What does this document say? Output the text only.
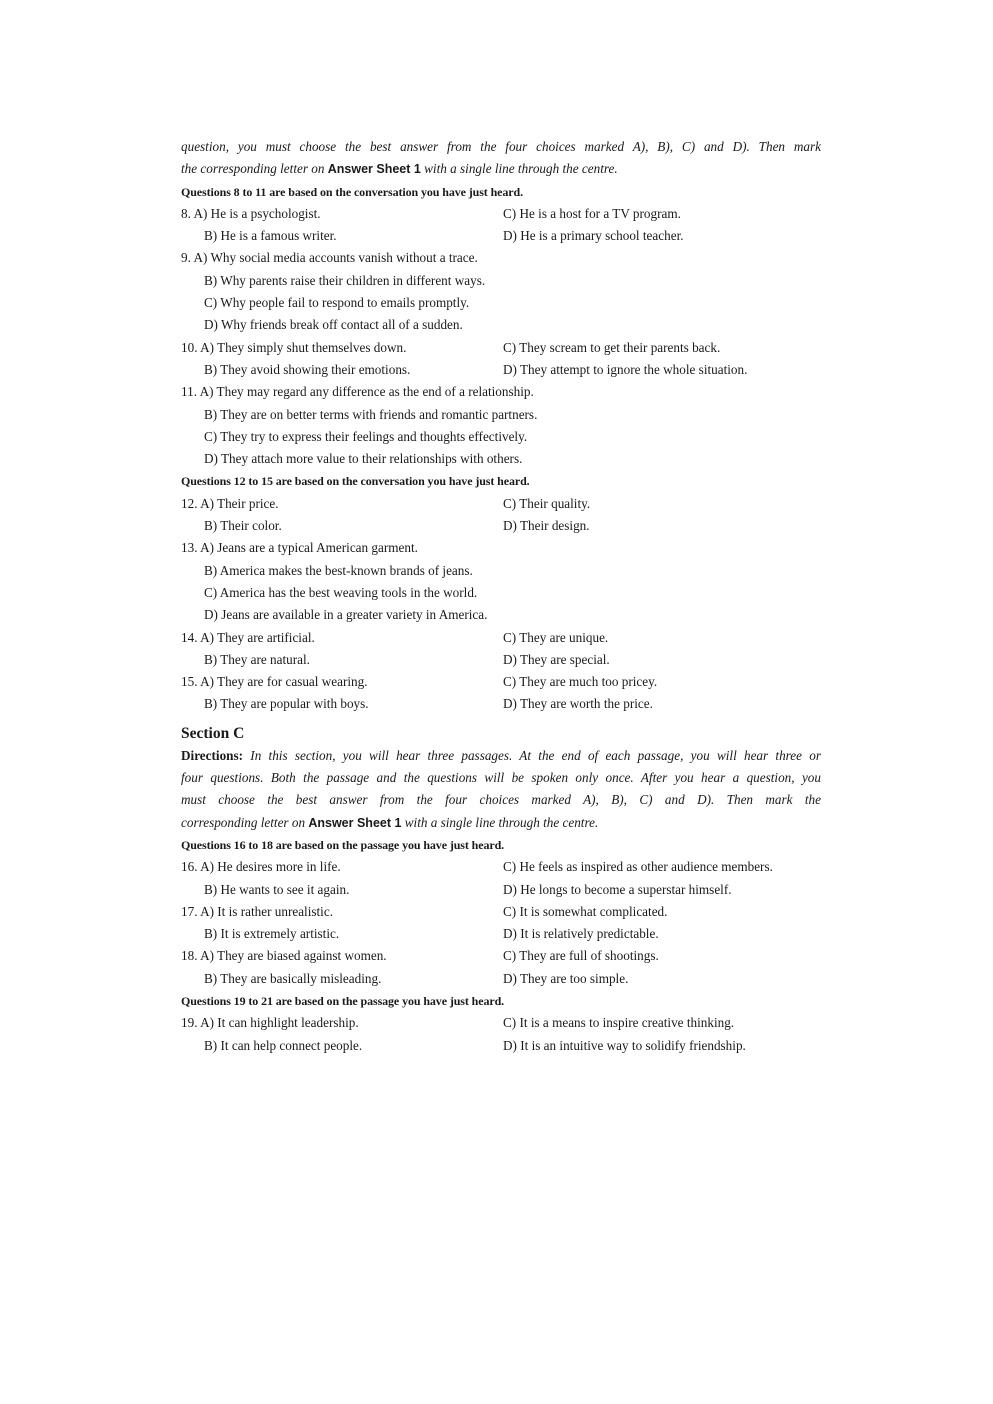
question, you must choose the best answer from the four choices marked A), B), C) and D). Then mark
the corresponding letter on Answer Sheet 1 with a single line through the centre.
Questions 8 to 11 are based on the conversation you have just heard.
8. A) He is a psychologist.	C) He is a host for a TV program.
B) He is a famous writer.	D) He is a primary school teacher.
9. A) Why social media accounts vanish without a trace.
B) Why parents raise their children in different ways.
C) Why people fail to respond to emails promptly.
D) Why friends break off contact all of a sudden.
10. A) They simply shut themselves down.	C) They scream to get their parents back.
B) They avoid showing their emotions.	D) They attempt to ignore the whole situation.
11. A) They may regard any difference as the end of a relationship.
B) They are on better terms with friends and romantic partners.
C) They try to express their feelings and thoughts effectively.
D) They attach more value to their relationships with others.
Questions 12 to 15 are based on the conversation you have just heard.
12. A) Their price.	C) Their quality.
B) Their color.	D) Their design.
13. A) Jeans are a typical American garment.
B) America makes the best-known brands of jeans.
C) America has the best weaving tools in the world.
D) Jeans are available in a greater variety in America.
14. A) They are artificial.	C) They are unique.
B) They are natural.	D) They are special.
15. A) They are for casual wearing.	C) They are much too pricey.
B) They are popular with boys.	D) They are worth the price.
Section C
Directions: In this section, you will hear three passages. At the end of each passage, you will hear three or
four questions. Both the passage and the questions will be spoken only once. After you hear a question, you
must choose the best answer from the four choices marked A), B), C) and D). Then mark the
corresponding letter on Answer Sheet 1 with a single line through the centre.
Questions 16 to 18 are based on the passage you have just heard.
16. A) He desires more in life.	C) He feels as inspired as other audience members.
B) He wants to see it again.	D) He longs to become a superstar himself.
17. A) It is rather unrealistic.	C) It is somewhat complicated.
B) It is extremely artistic.	D) It is relatively predictable.
18. A) They are biased against women.	C) They are full of shootings.
B) They are basically misleading.	D) They are too simple.
Questions 19 to 21 are based on the passage you have just heard.
19. A) It can highlight leadership.	C) It is a means to inspire creative thinking.
B) It can help connect people.	D) It is an intuitive way to solidify friendship.
